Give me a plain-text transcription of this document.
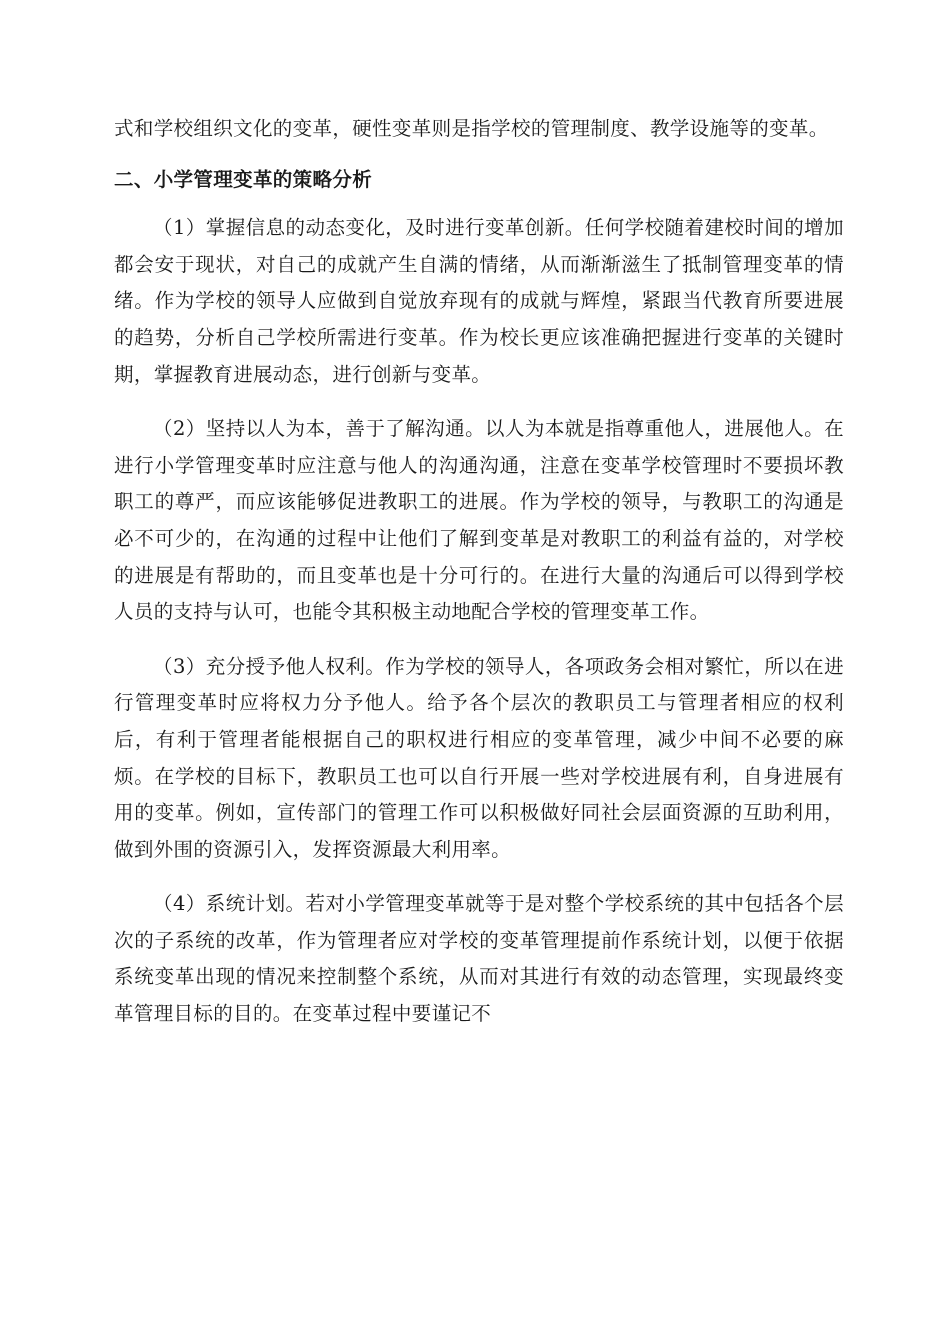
式和学校组织文化的变革，硬性变革则是指学校的管理制度、教学设施等的变革。

二、小学管理变革的策略分析

（1）掌握信息的动态变化，及时进行变革创新。任何学校随着建校时间的增加都会安于现状，对自己的成就产生自满的情绪，从而渐渐滋生了抵制管理变革的情绪。作为学校的领导人应做到自觉放弃现有的成就与辉煌，紧跟当代教育所要进展的趋势，分析自己学校所需进行变革。作为校长更应该准确把握进行变革的关键时期，掌握教育进展动态，进行创新与变革。

（2）坚持以人为本，善于了解沟通。以人为本就是指尊重他人，进展他人。在进行小学管理变革时应注意与他人的沟通沟通，注意在变革学校管理时不要损坏教职工的尊严，而应该能够促进教职工的进展。作为学校的领导，与教职工的沟通是必不可少的，在沟通的过程中让他们了解到变革是对教职工的利益有益的，对学校的进展是有帮助的，而且变革也是十分可行的。在进行大量的沟通后可以得到学校人员的支持与认可，也能令其积极主动地配合学校的管理变革工作。

（3）充分授予他人权利。作为学校的领导人，各项政务会相对繁忙，所以在进行管理变革时应将权力分予他人。给予各个层次的教职员工与管理者相应的权利后，有利于管理者能根据自己的职权进行相应的变革管理，减少中间不必要的麻烦。在学校的目标下，教职员工也可以自行开展一些对学校进展有利，自身进展有用的变革。例如，宣传部门的管理工作可以积极做好同社会层面资源的互助利用，做到外围的资源引入，发挥资源最大利用率。

（4）系统计划。若对小学管理变革就等于是对整个学校系统的其中包括各个层次的子系统的改革，作为管理者应对学校的变革管理提前作系统计划，以便于依据系统变革出现的情况来控制整个系统，从而对其进行有效的动态管理，实现最终变革管理目标的目的。在变革过程中要谨记不
